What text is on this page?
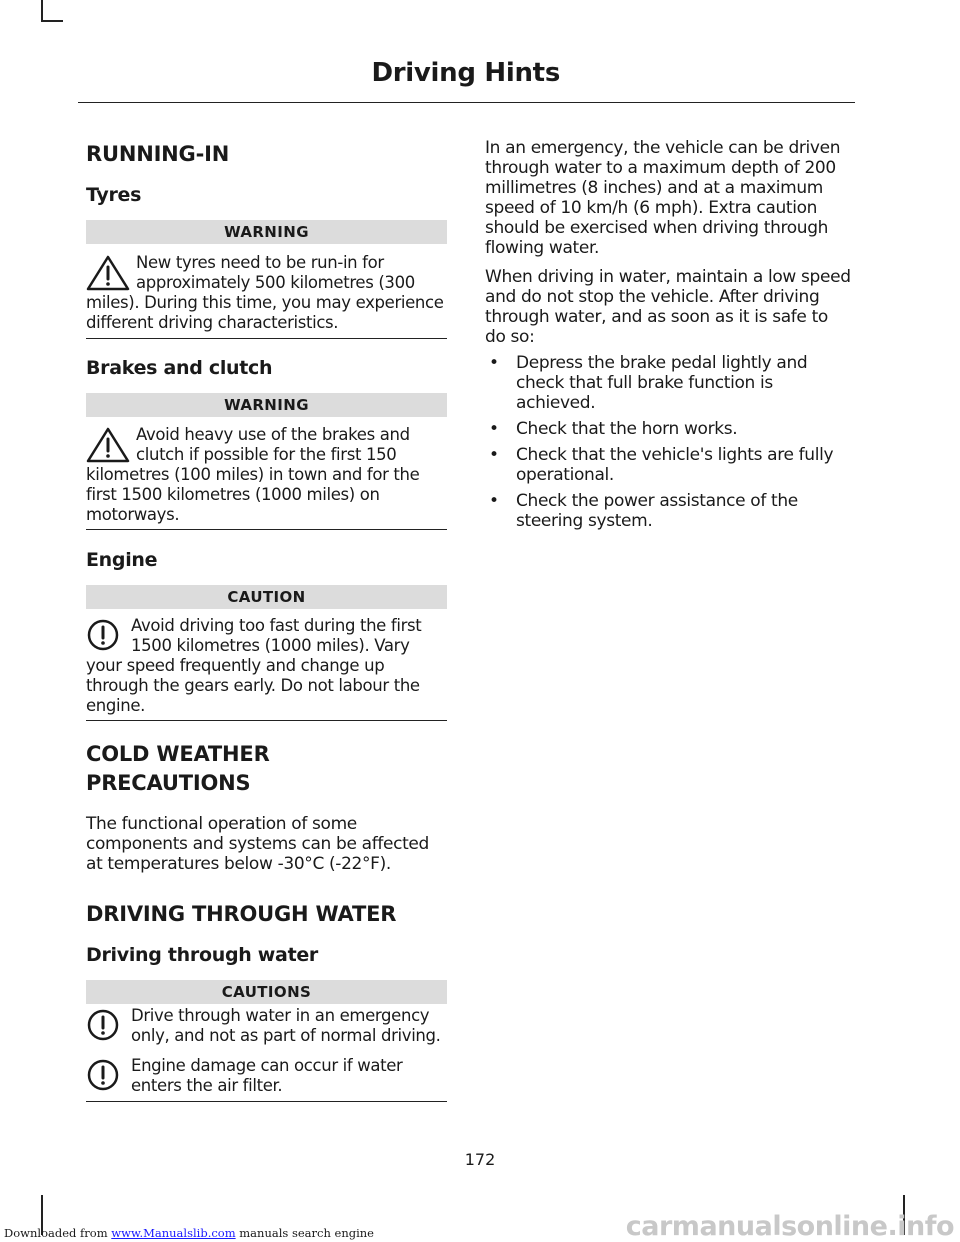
Driving Hints
RUNNING-IN
Tyres
WARNING

New tyres need to be run-in for approximately 500 kilometres (300 miles). During this time, you may experience different driving characteristics.

Brakes and clutch
WARNING

Avoid heavy use of the brakes and clutch if possible for the first 150 kilometres (100 miles) in town and for the first 1500 kilometres (1000 miles) on motorways.

Engine
CAUTION

Avoid driving too fast during the first 1500 kilometres (1000 miles). Vary your speed frequently and change up through the gears early. Do not labour the engine.

COLD WEATHER
PRECAUTIONS

The functional operation of some components and systems can be affected at temperatures below -30°C (-22°F).

DRIVING THROUGH WATER
Driving through water
CAUTIONS

Drive through water in an emergency only, and not as part of normal driving.

Engine damage can occur if water enters the air filter.

In an emergency, the vehicle can be driven through water to a maximum depth of 200 millimetres (8 inches) and at a maximum speed of 10 km/h (6 mph). Extra caution should be exercised when driving through flowing water.

When driving in water, maintain a low speed and do not stop the vehicle. After driving through water, and as soon as it is safe to do so:

• Depress the brake pedal lightly and check that full brake function is achieved.
• Check that the horn works.
• Check that the vehicle's lights are fully operational.
• Check the power assistance of the steering system.
172
Downloaded from www.Manualslib.com manuals search engine	carmanualsonline.info
